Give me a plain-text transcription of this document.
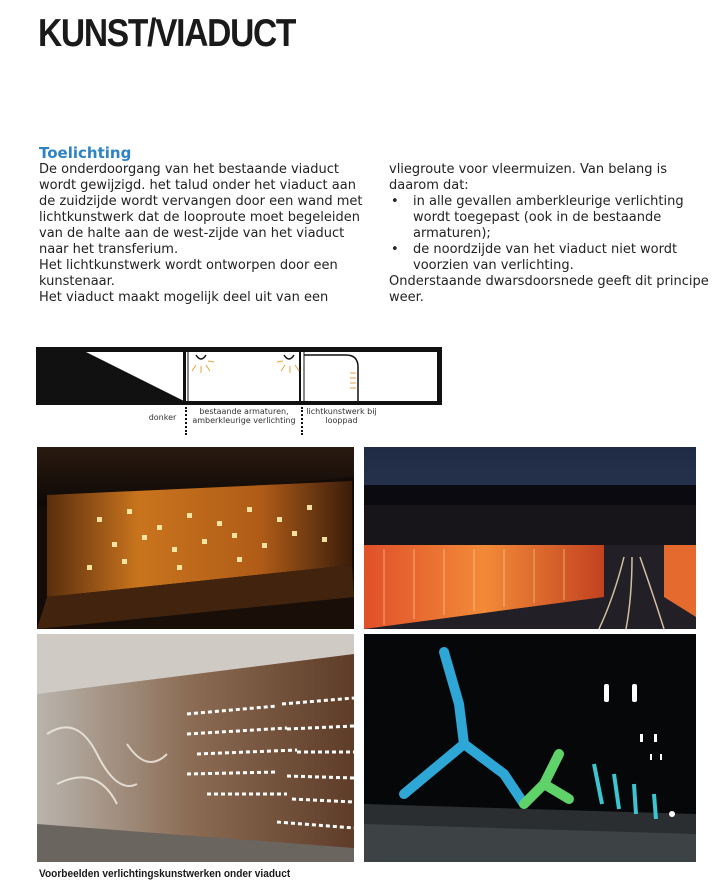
KUNST/VIADUCT
Toelichting

De onderdoorgang van het bestaande viaduct wordt gewijzigd. het talud onder het viaduct aan de zuidzijde wordt vervangen door een wand met lichtkunstwerk dat de looproute moet begeleiden van de halte aan de west-zijde van het viaduct naar het transferium.

Het lichtkunstwerk wordt ontworpen door een kunstenaar.

Het viaduct maakt mogelijk deel uit van een

vliegroute voor vleermuizen. Van belang is daarom dat:

• in alle gevallen amberkleurige verlichting wordt toegepast (ook in de bestaande armaturen);
• de noordzijde van het viaduct niet wordt voorzien van verlichting.

Onderstaande dwarsdoorsnede geeft dit principe weer.

donker
bestaande armaturen, amberkleurige verlichting
lichtkunstwerk bij looppad
Voorbeelden verlichtingskunstwerken onder viaduct
